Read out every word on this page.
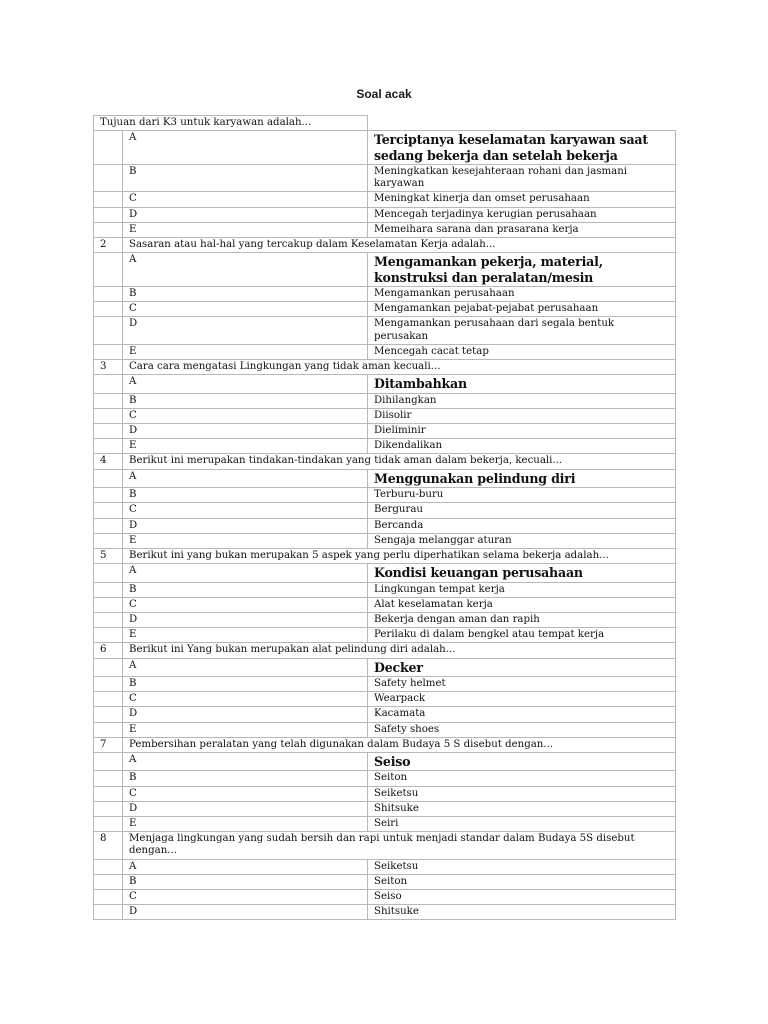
Soal acak
Tujuan dari K3 untuk karyawan adalah...		
	A	Terciptanya keselamatan karyawan saat sedang bekerja dan setelah bekerja
	B	Meningkatkan kesejahteraan rohani dan jasmani karyawan
	C	Meningkat kinerja dan omset perusahaan
	D	Mencegah terjadinya kerugian perusahaan
	E	Memeihara sarana dan prasarana kerja
2	Sasaran atau hal-hal yang tercakup dalam Keselamatan Kerja adalah...	
	A	Mengamankan pekerja, material, konstruksi dan peralatan/mesin
	B	Mengamankan perusahaan
	C	Mengamankan pejabat-pejabat perusahaan
	D	Mengamankan perusahaan dari segala bentuk perusakan
	E	Mencegah cacat tetap
3	Cara cara mengatasi Lingkungan yang tidak aman kecuali...	
	A	Ditambahkan
	B	Dihilangkan
	C	Diisolir
	D	Dieliminir
	E	Dikendalikan
4	Berikut ini merupakan tindakan-tindakan yang tidak aman dalam bekerja, kecuali...	
	A	Menggunakan pelindung diri
	B	Terburu-buru
	C	Bergurau
	D	Bercanda
	E	Sengaja melanggar aturan
5	Berikut ini yang bukan merupakan 5 aspek yang perlu diperhatikan selama bekerja adalah...	
	A	Kondisi keuangan perusahaan
	B	Lingkungan tempat kerja
	C	Alat keselamatan kerja
	D	Bekerja dengan aman dan rapih
	E	Perilaku di dalam bengkel atau tempat kerja
6	Berikut ini Yang bukan merupakan alat pelindung diri adalah...	
	A	Decker
	B	Safety helmet
	C	Wearpack
	D	Kacamata
	E	Safety shoes
7	Pembersihan peralatan yang telah digunakan dalam Budaya 5 S disebut dengan...	
	A	Seiso
	B	Seiton
	C	Seiketsu
	D	Shitsuke
	E	Seiri
8	Menjaga lingkungan yang sudah bersih dan rapi untuk menjadi standar dalam Budaya 5S disebut dengan...	
	A	Seiketsu
	B	Seiton
	C	Seiso
	D	Shitsuke
